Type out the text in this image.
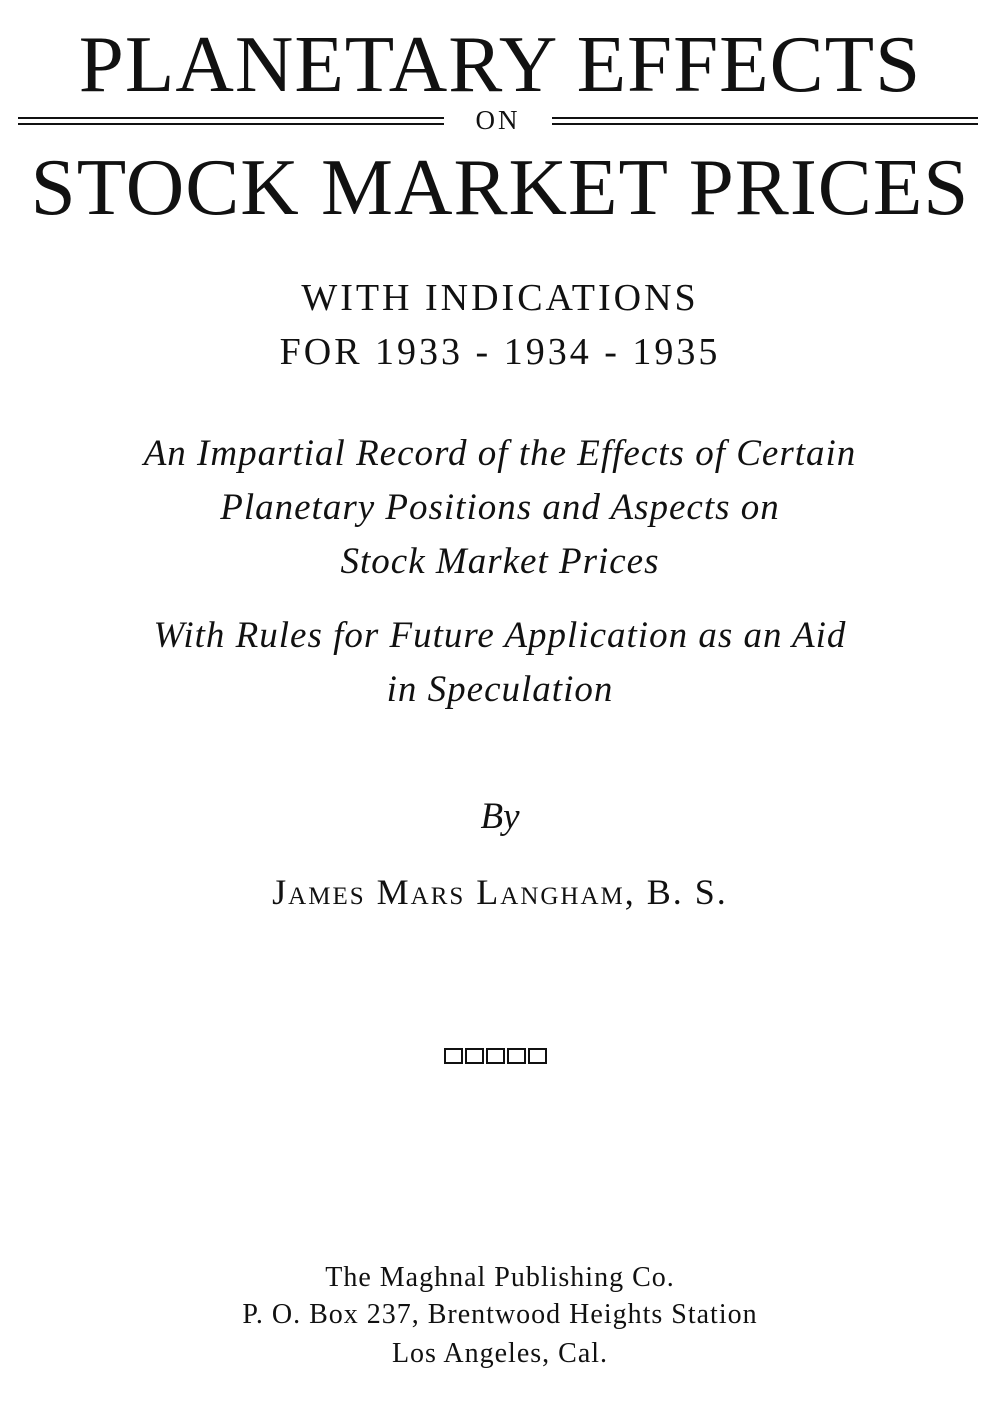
PLANETARY EFFECTS
ON
STOCK MARKET PRICES
WITH INDICATIONS
FOR 1933 - 1934 - 1935
An Impartial Record of the Effects of Certain
Planetary Positions and Aspects on
Stock Market Prices
With Rules for Future Application as an Aid
in Speculation
By
James Mars Langham, B. S.
The Maghnal Publishing Co.
P. O. Box 237, Brentwood Heights Station
Los Angeles, Cal.
